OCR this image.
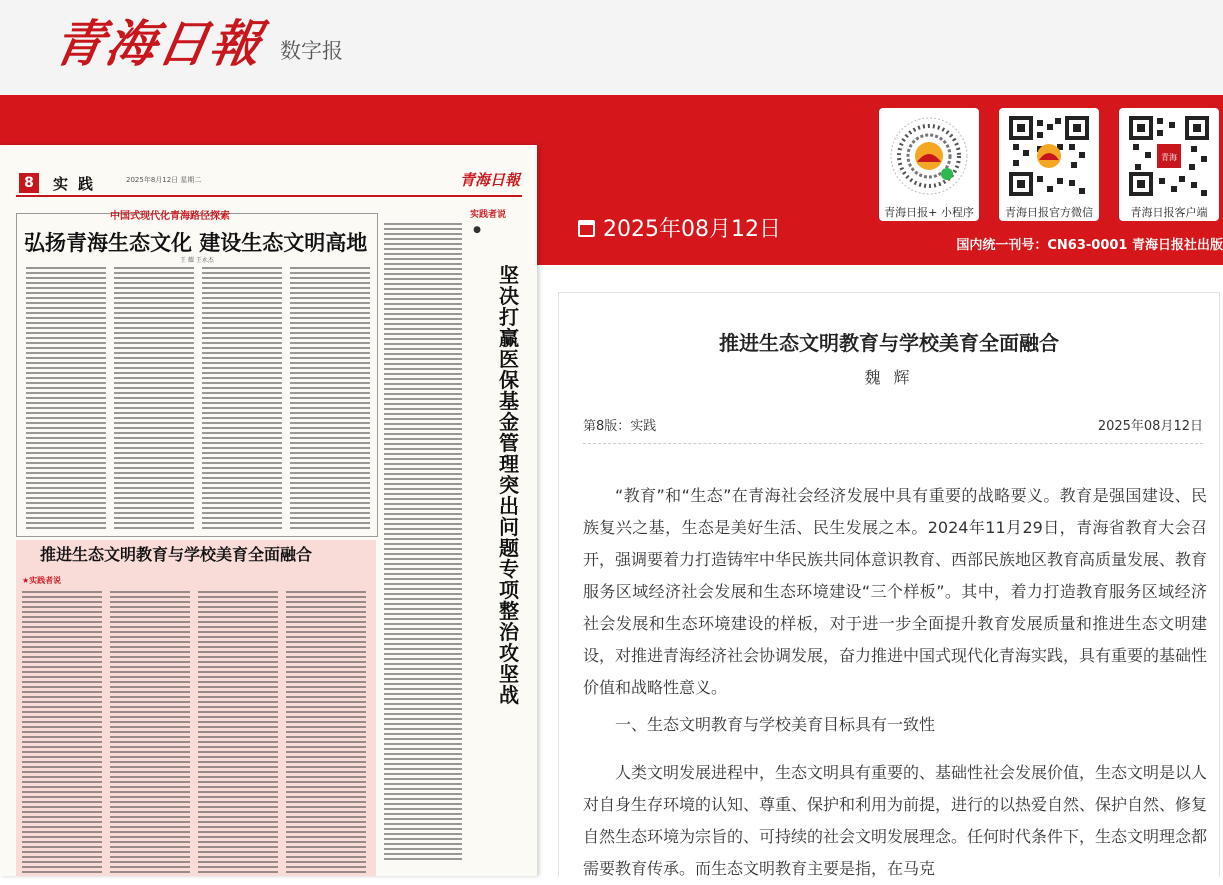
青海日報 数字报
青海日报+ 小程序	青海日报官方微信
青海
青海日报客户端
2025年08月12日
国内统一刊号：CN63-0001 青海日报社出版
8	实践	2025年8月12日 星期二	青海日報
中国式现代化青海路径探索	实践者说
弘扬青海生态文化 建设生态文明高地
王 耀 王永杰
●
坚决打赢医保基金管理突出问题专项整治攻坚战
推进生态文明教育与学校美育全面融合
★实践者说
推进生态文明教育与学校美育全面融合
魏 辉
第8版：实践	2025年08月12日

“教育”和“生态”在青海社会经济发展中具有重要的战略要义。教育是强国建设、民族复兴之基，生态是美好生活、民生发展之本。2024年11月29日，青海省教育大会召开，强调要着力打造铸牢中华民族共同体意识教育、西部民族地区教育高质量发展、教育服务区域经济社会发展和生态环境建设“三个样板”。其中，着力打造教育服务区域经济社会发展和生态环境建设的样板，对于进一步全面提升教育发展质量和推进生态文明建设，对推进青海经济社会协调发展，奋力推进中国式现代化青海实践，具有重要的基础性价值和战略性意义。

一、生态文明教育与学校美育目标具有一致性

人类文明发展进程中，生态文明具有重要的、基础性社会发展价值，生态文明是以人对自身生存环境的认知、尊重、保护和利用为前提，进行的以热爱自然、保护自然、修复自然生态环境为宗旨的、可持续的社会文明发展理念。任何时代条件下，生态文明理念都需要教育传承。而生态文明教育主要是指，在马克
